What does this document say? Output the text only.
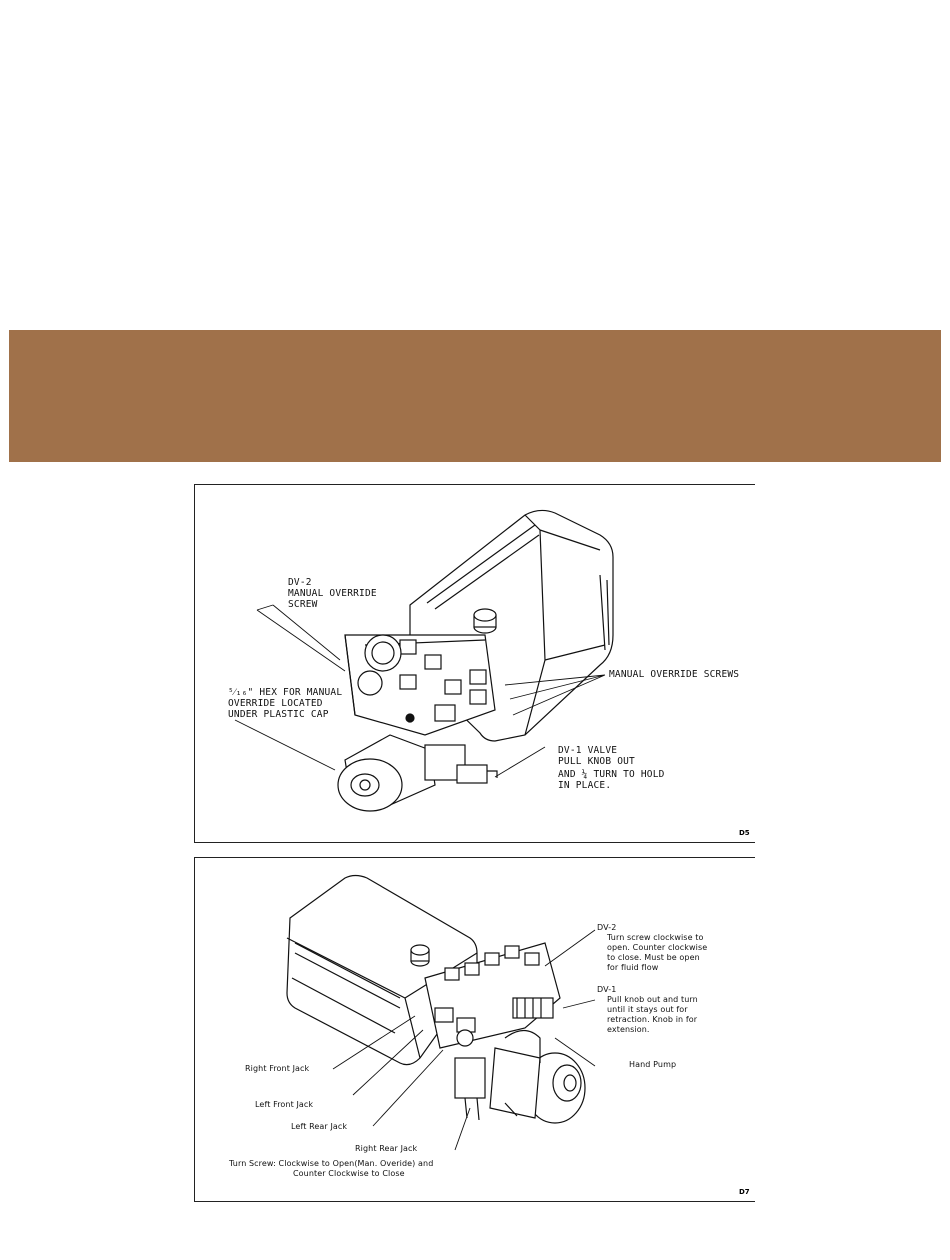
DV-2
MANUAL OVERRIDE
SCREW
⁵⁄₁₆" HEX FOR MANUAL
OVERRIDE LOCATED
UNDER PLASTIC CAP
MANUAL OVERRIDE SCREWS
DV-1 VALVE
PULL KNOB OUT
AND ¼ TURN TO HOLD
IN PLACE.
D5
DV-2
Turn screw clockwise to
open. Counter clockwise
to close. Must be open
for fluid flow
DV-1
Pull knob out and turn
until it stays out for
retraction. Knob in for
extension.
Hand Pump
Right Front Jack
Left Front Jack
Left Rear Jack
Right Rear Jack
Turn Screw: Clockwise to Open(Man. Overide) and
Counter Clockwise to Close
D7
